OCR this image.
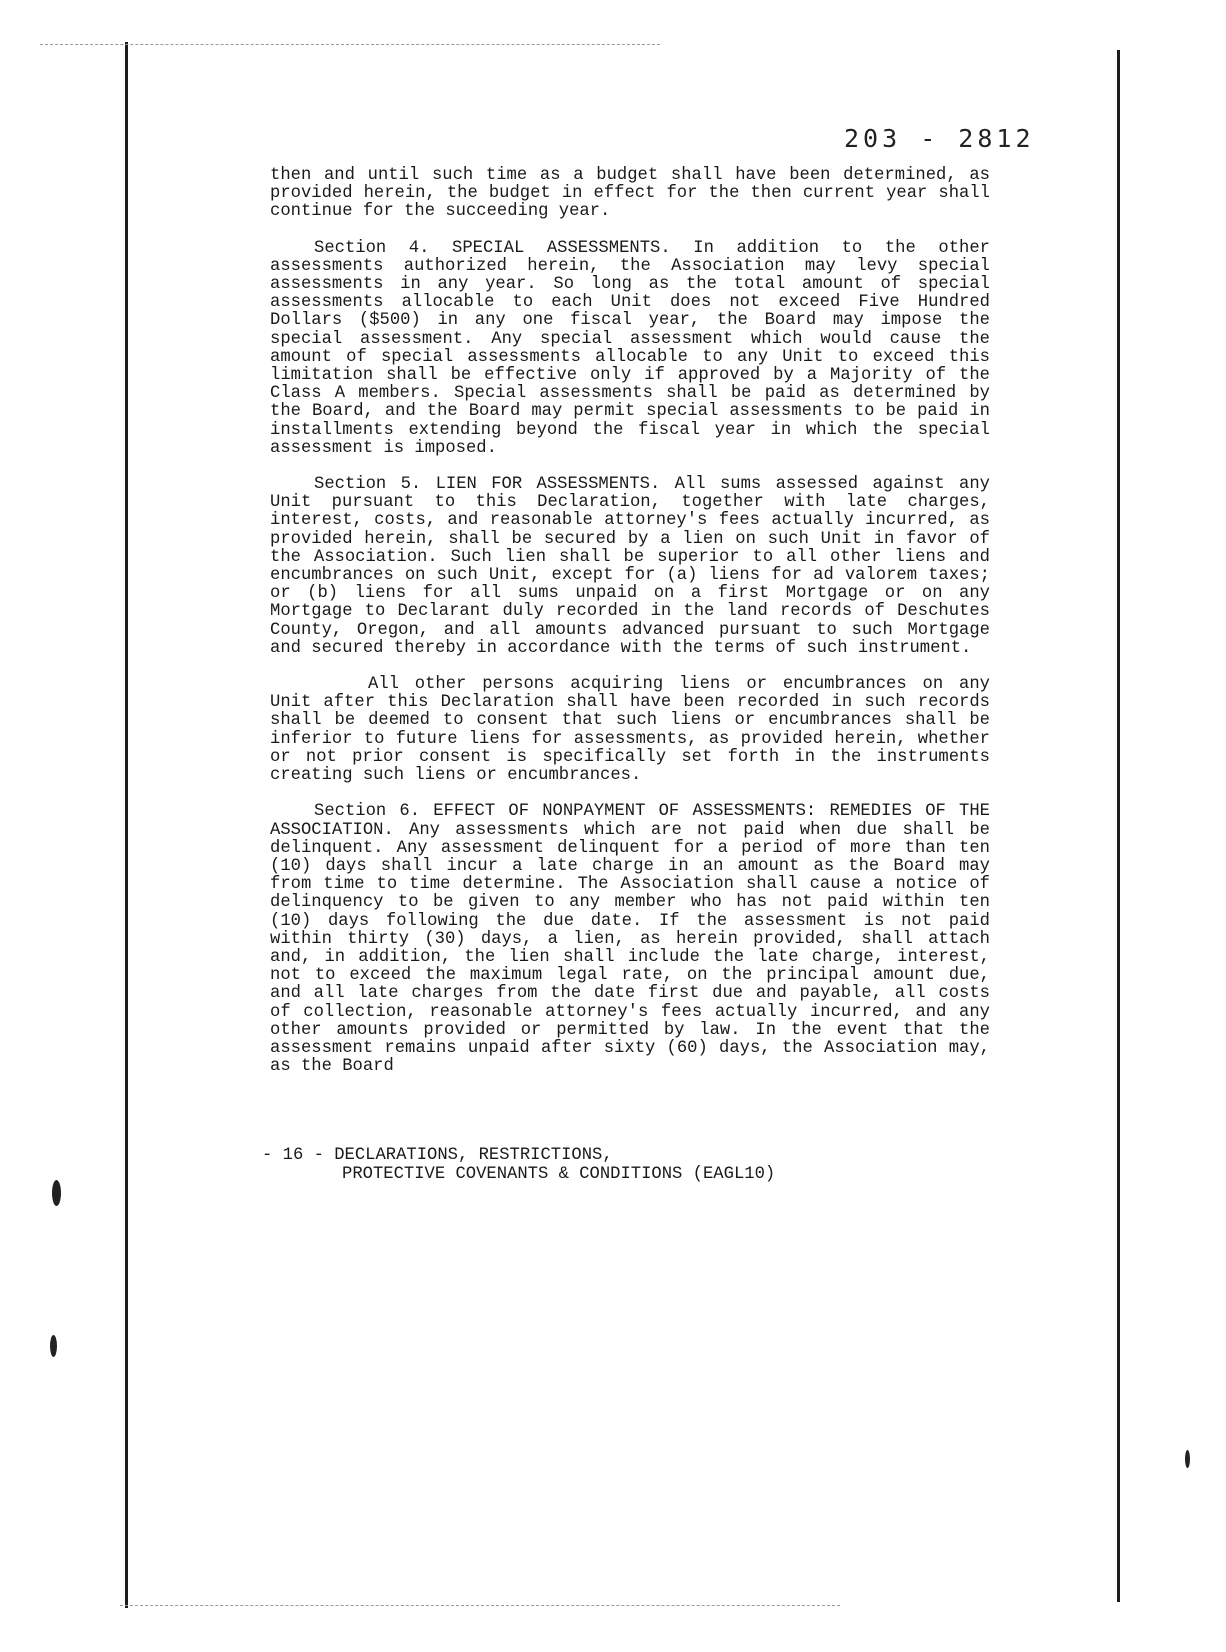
203 - 2812

then and until such time as a budget shall have been determined, as provided herein, the budget in effect for the then current year shall continue for the succeeding year.

Section 4. SPECIAL ASSESSMENTS. In addition to the other assessments authorized herein, the Association may levy special assessments in any year. So long as the total amount of special assessments allocable to each Unit does not exceed Five Hundred Dollars ($500) in any one fiscal year, the Board may impose the special assessment. Any special assessment which would cause the amount of special assessments allocable to any Unit to exceed this limitation shall be effective only if approved by a Majority of the Class A members. Special assessments shall be paid as determined by the Board, and the Board may permit special assessments to be paid in installments extending beyond the fiscal year in which the special assessment is imposed.

Section 5. LIEN FOR ASSESSMENTS. All sums assessed against any Unit pursuant to this Declaration, together with late charges, interest, costs, and reasonable attorney's fees actually incurred, as provided herein, shall be secured by a lien on such Unit in favor of the Association. Such lien shall be superior to all other liens and encumbrances on such Unit, except for (a) liens for ad valorem taxes; or (b) liens for all sums unpaid on a first Mortgage or on any Mortgage to Declarant duly recorded in the land records of Deschutes County, Oregon, and all amounts advanced pursuant to such Mortgage and secured thereby in accordance with the terms of such instrument.

All other persons acquiring liens or encumbrances on any Unit after this Declaration shall have been recorded in such records shall be deemed to consent that such liens or encumbrances shall be inferior to future liens for assessments, as provided herein, whether or not prior consent is specifically set forth in the instruments creating such liens or encumbrances.

Section 6. EFFECT OF NONPAYMENT OF ASSESSMENTS: REMEDIES OF THE ASSOCIATION. Any assessments which are not paid when due shall be delinquent. Any assessment delinquent for a period of more than ten (10) days shall incur a late charge in an amount as the Board may from time to time determine. The Association shall cause a notice of delinquency to be given to any member who has not paid within ten (10) days following the due date. If the assessment is not paid within thirty (30) days, a lien, as herein provided, shall attach and, in addition, the lien shall include the late charge, interest, not to exceed the maximum legal rate, on the principal amount due, and all late charges from the date first due and payable, all costs of collection, reasonable attorney's fees actually incurred, and any other amounts provided or permitted by law. In the event that the assessment remains unpaid after sixty (60) days, the Association may, as the Board

- 16 - DECLARATIONS, RESTRICTIONS,
PROTECTIVE COVENANTS & CONDITIONS (EAGL10)
